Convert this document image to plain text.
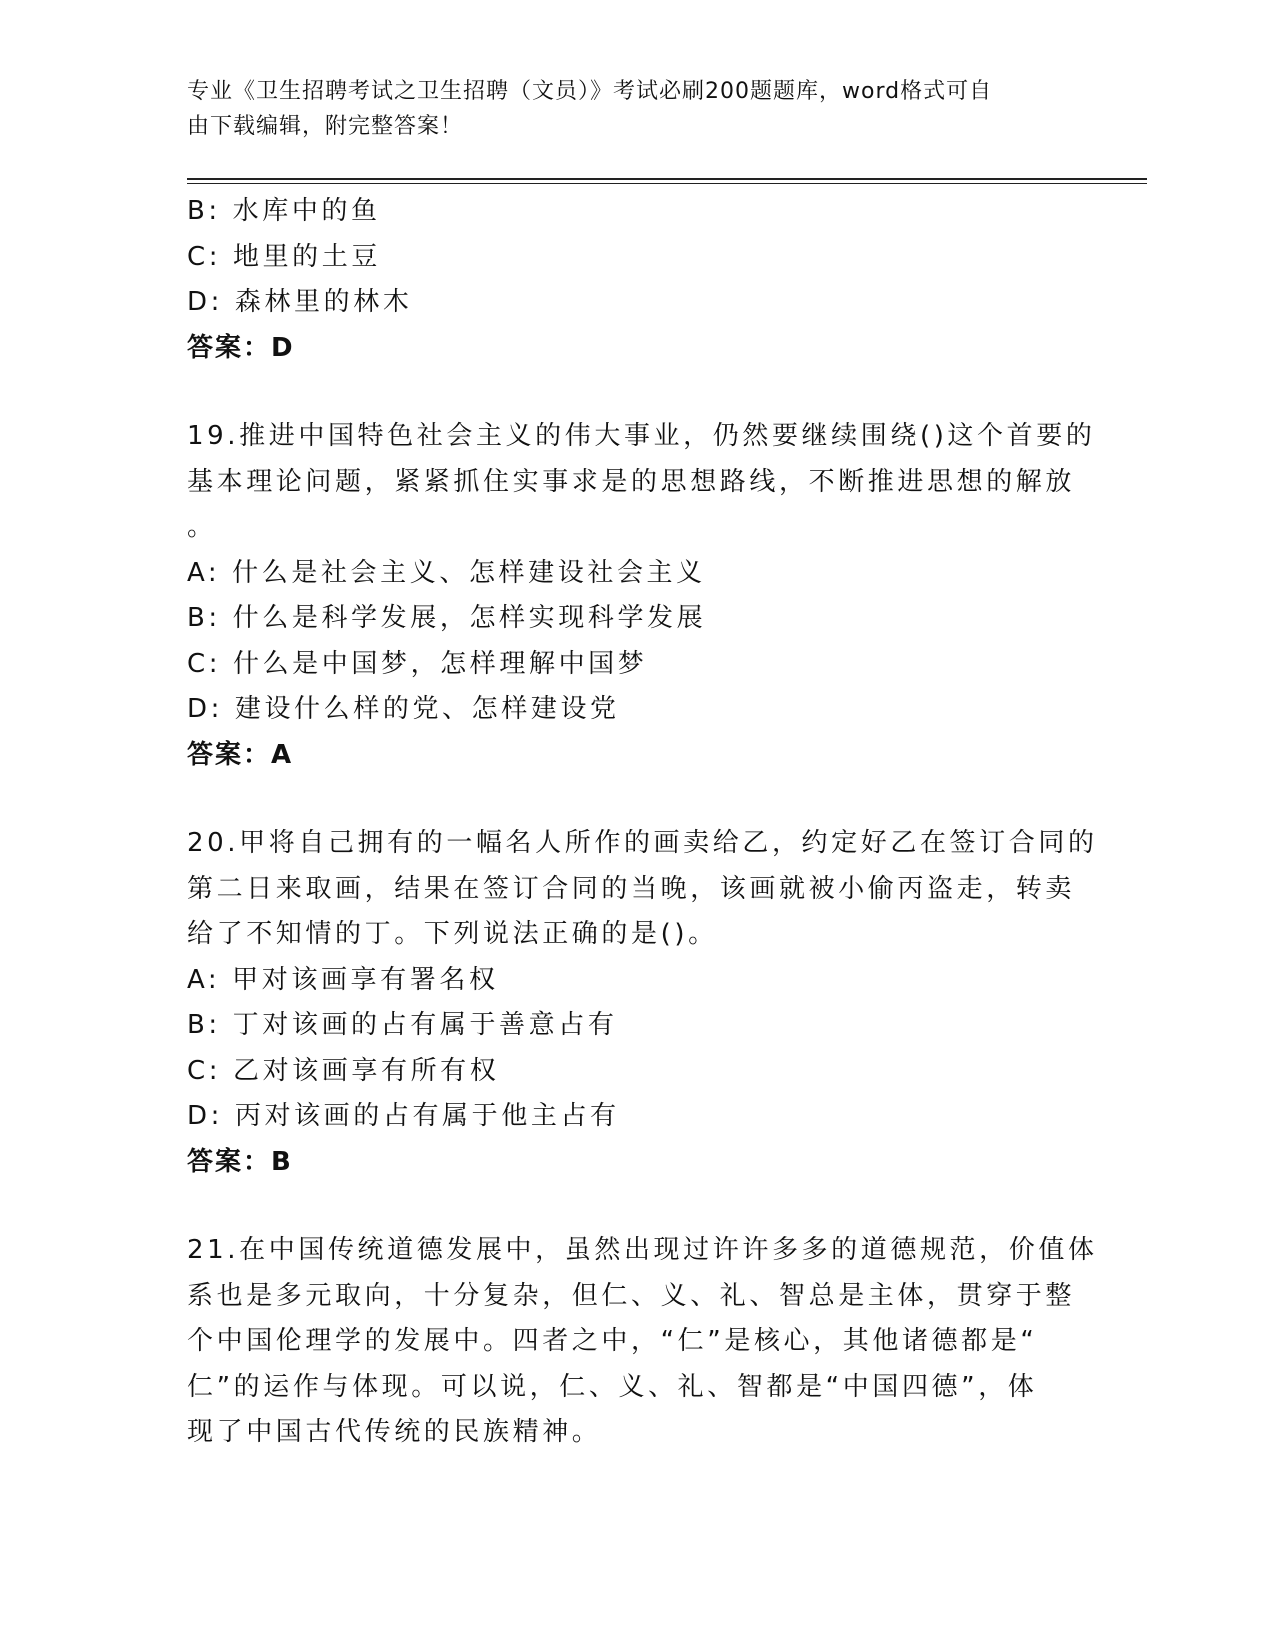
专业《卫生招聘考试之卫生招聘（文员）》考试必刷200题题库，word格式可自
由下载编辑，附完整答案！
B: 水库中的鱼
C: 地里的土豆
D: 森林里的林木
答案：D
19.推进中国特色社会主义的伟大事业，仍然要继续围绕()这个首要的
基本理论问题，紧紧抓住实事求是的思想路线，不断推进思想的解放
。
A: 什么是社会主义、怎样建设社会主义
B: 什么是科学发展，怎样实现科学发展
C: 什么是中国梦，怎样理解中国梦
D: 建设什么样的党、怎样建设党
答案：A
20.甲将自己拥有的一幅名人所作的画卖给乙，约定好乙在签订合同的
第二日来取画，结果在签订合同的当晚，该画就被小偷丙盗走，转卖
给了不知情的丁。下列说法正确的是()。
A: 甲对该画享有署名权
B: 丁对该画的占有属于善意占有
C: 乙对该画享有所有权
D: 丙对该画的占有属于他主占有
答案：B
21.在中国传统道德发展中，虽然出现过许许多多的道德规范，价值体
系也是多元取向，十分复杂，但仁、义、礼、智总是主体，贯穿于整
个中国伦理学的发展中。四者之中，“仁”是核心，其他诸德都是“
仁”的运作与体现。可以说，仁、义、礼、智都是“中国四德”，体
现了中国古代传统的民族精神。
